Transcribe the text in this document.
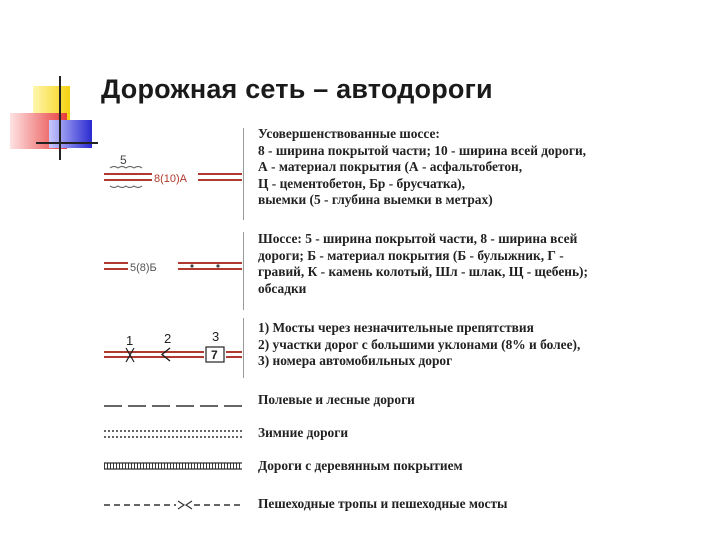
Дорожная сеть – автодороги
5
8(10)А
5(8)Б
1 2	3
7
Усовершенствованные шоссе:
8 - ширина покрытой части; 10 - ширина всей дороги,
А - материал покрытия (А - асфальтобетон,
Ц - цементобетон, Бр - брусчатка),
выемки (5 - глубина выемки в метрах)
Шоссе: 5 - ширина покрытой части, 8 - ширина всей
дороги; Б - материал покрытия (Б - булыжник, Г -
гравий, К - камень колотый, Шл - шлак, Щ - щебень);
обсадки
1) Мосты через незначительные препятствия
2) участки дорог с большими уклонами (8% и более),
3) номера автомобильных дорог
Полевые и лесные дороги
Зимние дороги
Дороги с деревянным покрытием
Пешеходные тропы и пешеходные мосты
